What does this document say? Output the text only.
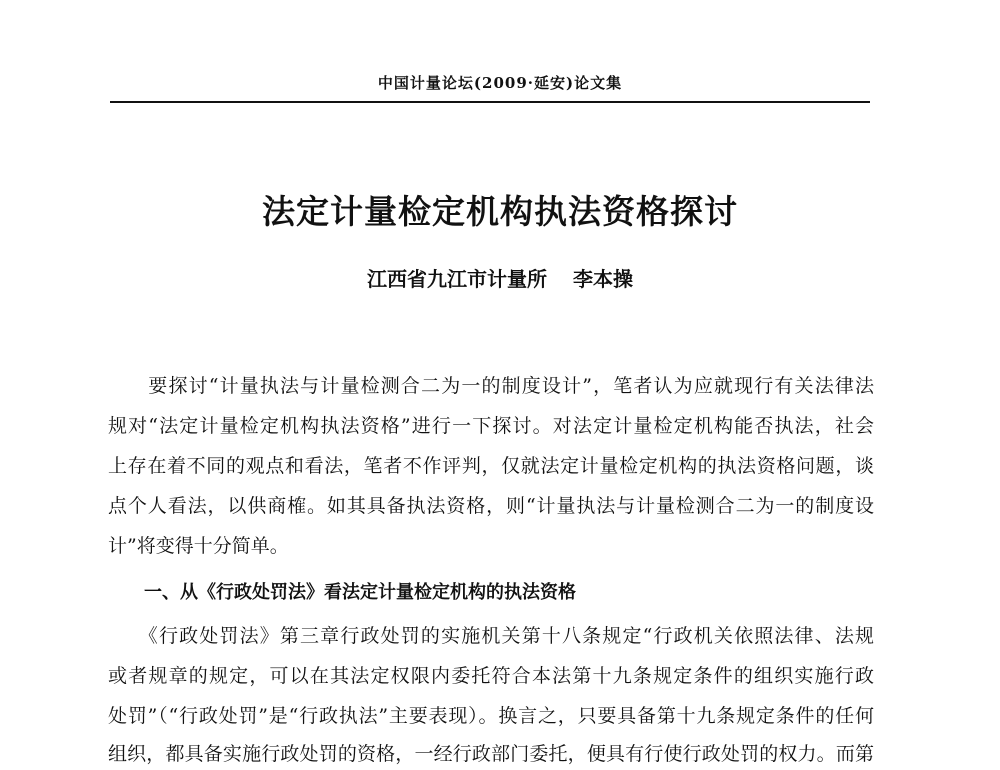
中国计量论坛(2009·延安)论文集
法定计量检定机构执法资格探讨
江西省九江市计量所 李本操
　　要探讨“计量执法与计量检测合二为一的制度设计”，笔者认为应就现行有关法律法
规对“法定计量检定机构执法资格”进行一下探讨。对法定计量检定机构能否执法，社会
上存在着不同的观点和看法，笔者不作评判，仅就法定计量检定机构的执法资格问题，谈
点个人看法，以供商榷。如其具备执法资格，则“计量执法与计量检测合二为一的制度设
计”将变得十分简单。
　　一、从《行政处罚法》看法定计量检定机构的执法资格
　　《行政处罚法》第三章行政处罚的实施机关第十八条规定“行政机关依照法律、法规
或者规章的规定，可以在其法定权限内委托符合本法第十九条规定条件的组织实施行政
处罚”（“行政处罚”是“行政执法”主要表现）。换言之，只要具备第十九条规定条件的任何
组织，都具备实施行政处罚的资格，一经行政部门委托，便具有行使行政处罚的权力。而第
